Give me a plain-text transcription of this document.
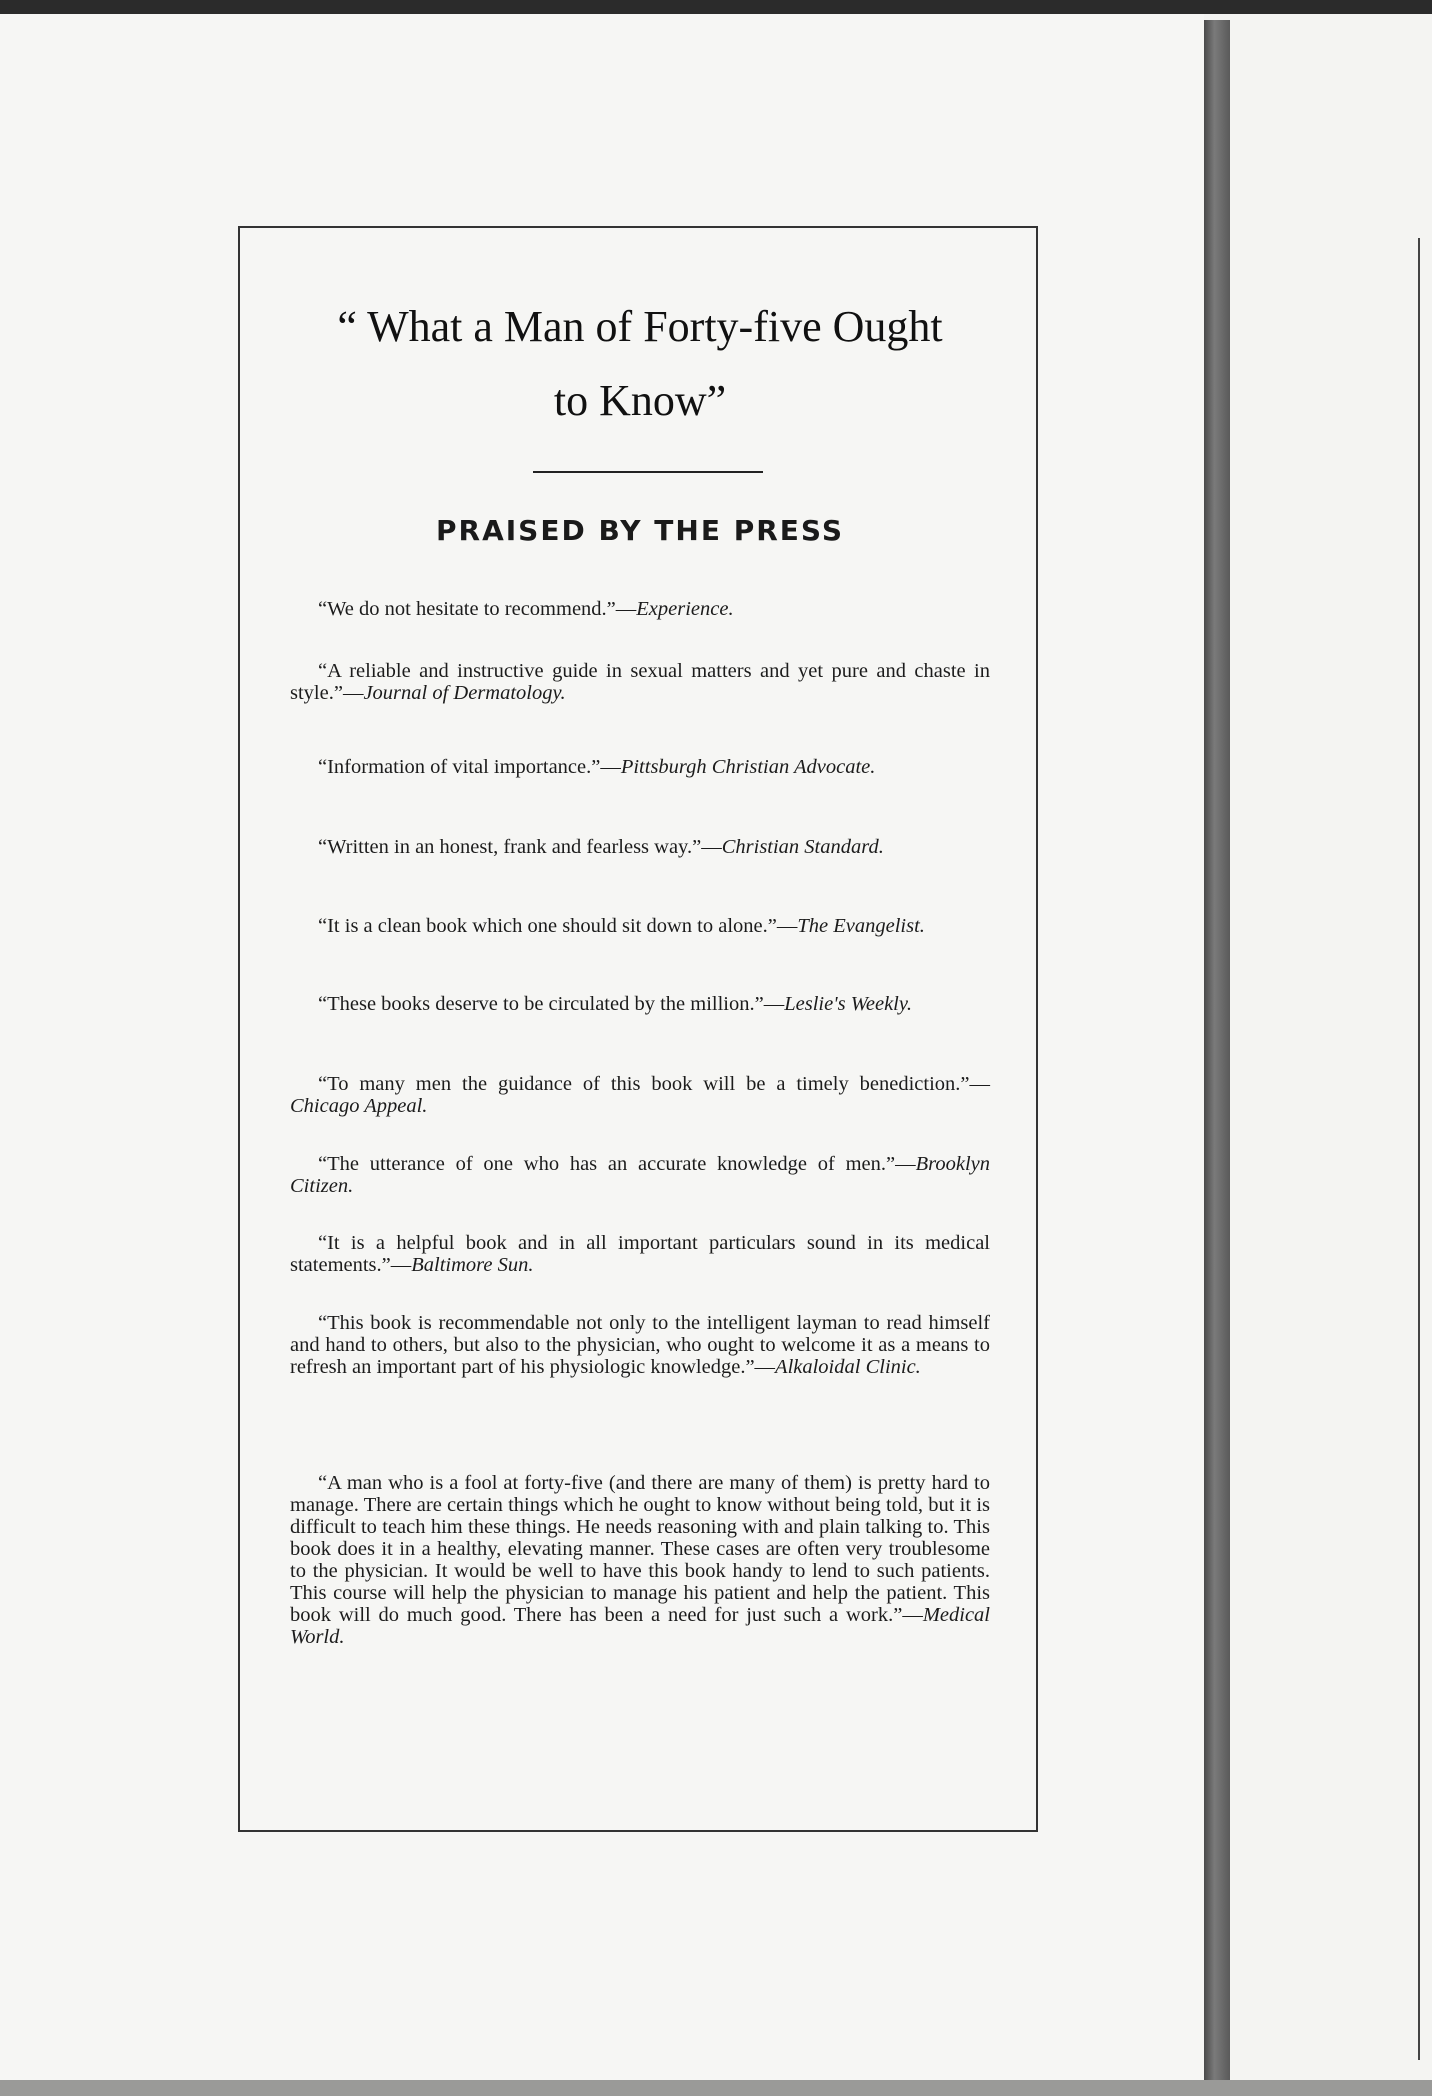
“ What a Man of Forty-five Ought
to Know”
PRAISED BY THE PRESS

“We do not hesitate to recommend.”—Experience.

“A reliable and instructive guide in sexual matters and yet pure and chaste in style.”—Journal of Dermatology.

“Information of vital importance.”—Pittsburgh Christian Advocate.

“Written in an honest, frank and fearless way.”—Christian Standard.

“It is a clean book which one should sit down to alone.”—The Evangelist.

“These books deserve to be circulated by the million.”—Leslie's Weekly.

“To many men the guidance of this book will be a timely benediction.”—Chicago Appeal.

“The utterance of one who has an accurate knowledge of men.”—Brooklyn Citizen.

“It is a helpful book and in all important particulars sound in its medical statements.”—Baltimore Sun.

“This book is recommendable not only to the intelligent layman to read himself and hand to others, but also to the physician, who ought to welcome it as a means to refresh an important part of his physiologic knowledge.”—Alkaloidal Clinic.

“A man who is a fool at forty-five (and there are many of them) is pretty hard to manage. There are certain things which he ought to know without being told, but it is difficult to teach him these things. He needs reasoning with and plain talking to. This book does it in a healthy, elevating manner. These cases are often very troublesome to the physician. It would be well to have this book handy to lend to such patients. This course will help the physician to manage his patient and help the patient. This book will do much good. There has been a need for just such a work.”—Medical World.
